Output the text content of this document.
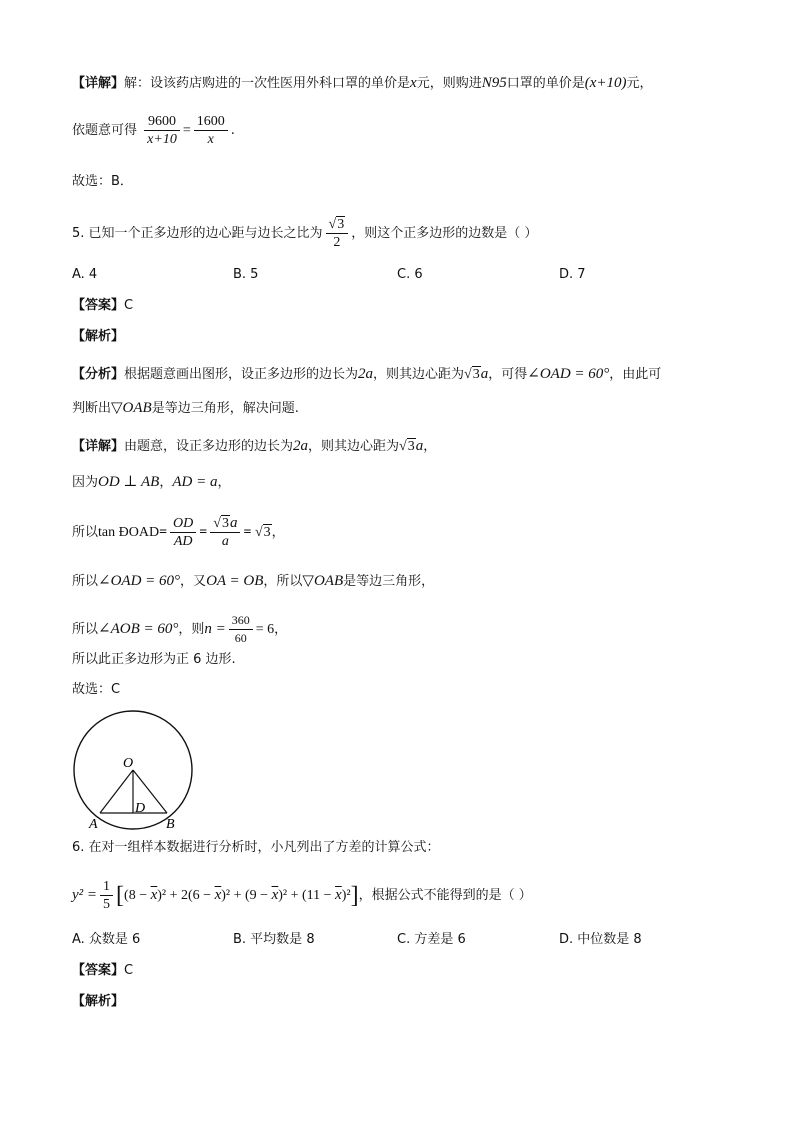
【详解】解：设该药店购进的一次性医用外科口罩的单价是x元，则购进N95口罩的单价是(x+10)元，
依题意可得 $\frac{9600}{x+10} = \frac{1600}{x}$ .
故选：B．
5. 已知一个正多边形的边心距与边长之比为 $\frac{√3}{2}$ ，则这个正多边形的边数是（ ）
A. 4	B. 5	C. 6	D. 7
【答案】C
【解析】
【分析】根据题意画出图形，设正多边形的边长为2a，则其边心距为√3a，可得∠OAD = 60°，由此可
判断出▽OAB是等边三角形，解决问题.
【详解】由题意，设正多边形的边长为2a，则其边心距为√3a，
因为OD ⊥ AB，AD = a，
所以tan ÐOAD= $\frac{OD}{AD} = \frac{√3a}{a} = √3$，
所以∠OAD = 60°，又OA = OB，所以▽OAB是等边三角形，
所以∠AOB = 60°，则$n = \frac{360}{60} = 6$，
所以此正多边形为正 6 边形.
故选：C
O
D
A	B
6. 在对一组样本数据进行分析时，小凡列出了方差的计算公式：
$y^2 = \frac{1}{5} [(8 - \overline{x})^2 + 2(6 - \overline{x})^2 + (9 - \overline{x})^2 + (11 - \overline{x})^2]$，根据公式不能得到的是（ ）
A. 众数是 6	B. 平均数是 8	C. 方差是 6	D. 中位数是 8
【答案】C
【解析】
